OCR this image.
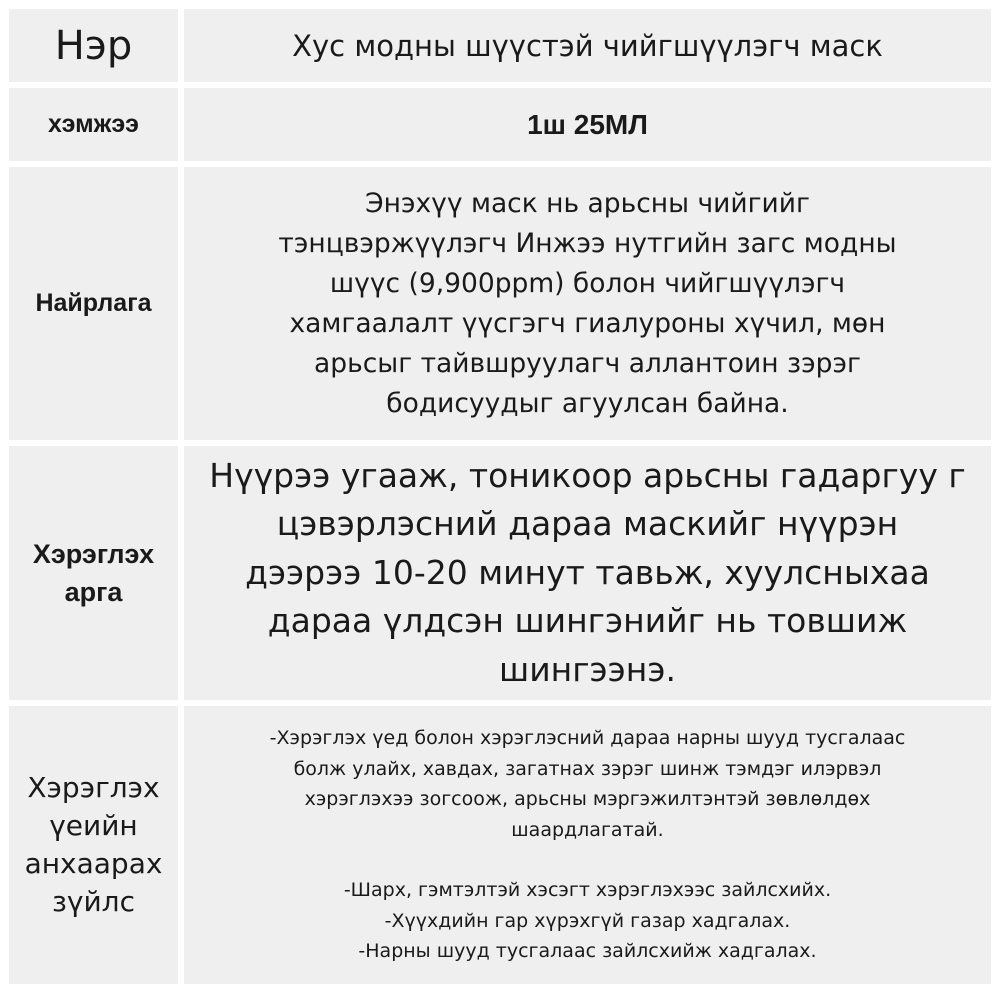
Нэр	Хус модны шүүстэй чийгшүүлэгч маск
хэмжээ	1ш 25МЛ
Найрлага
Энэхүү маск нь арьсны чийгийг
тэнцвэржүүлэгч Инжээ нутгийн загс модны
шүүс (9,900ppm) болон чийгшүүлэгч
хамгаалалт үүсгэгч гиалуроны хүчил, мөн
арьсыг тайвшруулагч аллантоин зэрэг
бодисуудыг агуулсан байна.
Хэрэглэх
арга
Нүүрээ угааж, тоникоор арьсны гадаргуу г
цэвэрлэсний дараа маскийг нүүрэн
дээрээ 10-20 минут тавьж, хуулсныхаа
дараа үлдсэн шингэнийг нь товшиж
шингээнэ.
Хэрэглэх
үеийн
анхаарах
зүйлс
-Хэрэглэх үед болон хэрэглэсний дараа нарны шууд тусгалаас
болж улайх, хавдах, загатнах зэрэг шинж тэмдэг илэрвэл
хэрэглэхээ зогсоож, арьсны мэргэжилтэнтэй зөвлөлдөх
шаардлагатай.
-Шарх, гэмтэлтэй хэсэгт хэрэглэхээс зайлсхийх.
-Хүүхдийн гар хүрэхгүй газар хадгалах.
-Нарны шууд тусгалаас зайлсхийж хадгалах.
